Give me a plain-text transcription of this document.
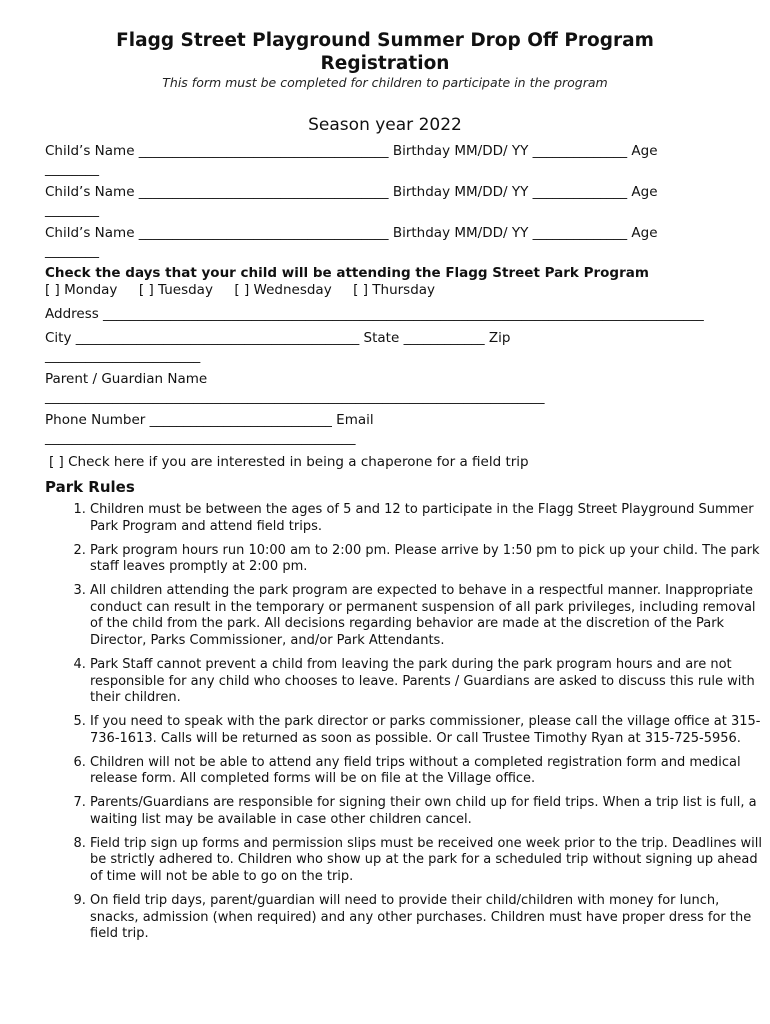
Flagg Street Playground Summer Drop Off Program
Registration
This form must be completed for children to participate in the program
Season year 2022
Child’s Name _____________________________________ Birthday MM/DD/ YY ______________ Age
________
Child’s Name _____________________________________ Birthday MM/DD/ YY ______________ Age
________
Child’s Name _____________________________________ Birthday MM/DD/ YY ______________ Age
________
Check the days that your child will be attending the Flagg Street Park Program
[ ] Monday [ ] Tuesday [ ] Wednesday [ ] Thursday
Address _________________________________________________________________________________________
City __________________________________________ State ____________ Zip
_______________________
Parent / Guardian Name
__________________________________________________________________________
Phone Number ___________________________ Email
______________________________________________
[ ] Check here if you are interested in being a chaperone for a field trip
Park Rules
1. Children must be between the ages of 5 and 12 to participate in the Flagg Street Playground Summer Park Program and attend field trips.
2. Park program hours run 10:00 am to 2:00 pm. Please arrive by 1:50 pm to pick up your child. The park staff leaves promptly at 2:00 pm.
3. All children attending the park program are expected to behave in a respectful manner. Inappropriate conduct can result in the temporary or permanent suspension of all park privileges, including removal of the child from the park. All decisions regarding behavior are made at the discretion of the Park Director, Parks Commissioner, and/or Park Attendants.
4. Park Staff cannot prevent a child from leaving the park during the park program hours and are not responsible for any child who chooses to leave. Parents / Guardians are asked to discuss this rule with their children.
5. If you need to speak with the park director or parks commissioner, please call the village office at 315-736-1613. Calls will be returned as soon as possible. Or call Trustee Timothy Ryan at 315-725-5956.
6. Children will not be able to attend any field trips without a completed registration form and medical release form. All completed forms will be on file at the Village office.
7. Parents/Guardians are responsible for signing their own child up for field trips. When a trip list is full, a waiting list may be available in case other children cancel.
8. Field trip sign up forms and permission slips must be received one week prior to the trip. Deadlines will be strictly adhered to. Children who show up at the park for a scheduled trip without signing up ahead of time will not be able to go on the trip.
9. On field trip days, parent/guardian will need to provide their child/children with money for lunch, snacks, admission (when required) and any other purchases. Children must have proper dress for the field trip.
